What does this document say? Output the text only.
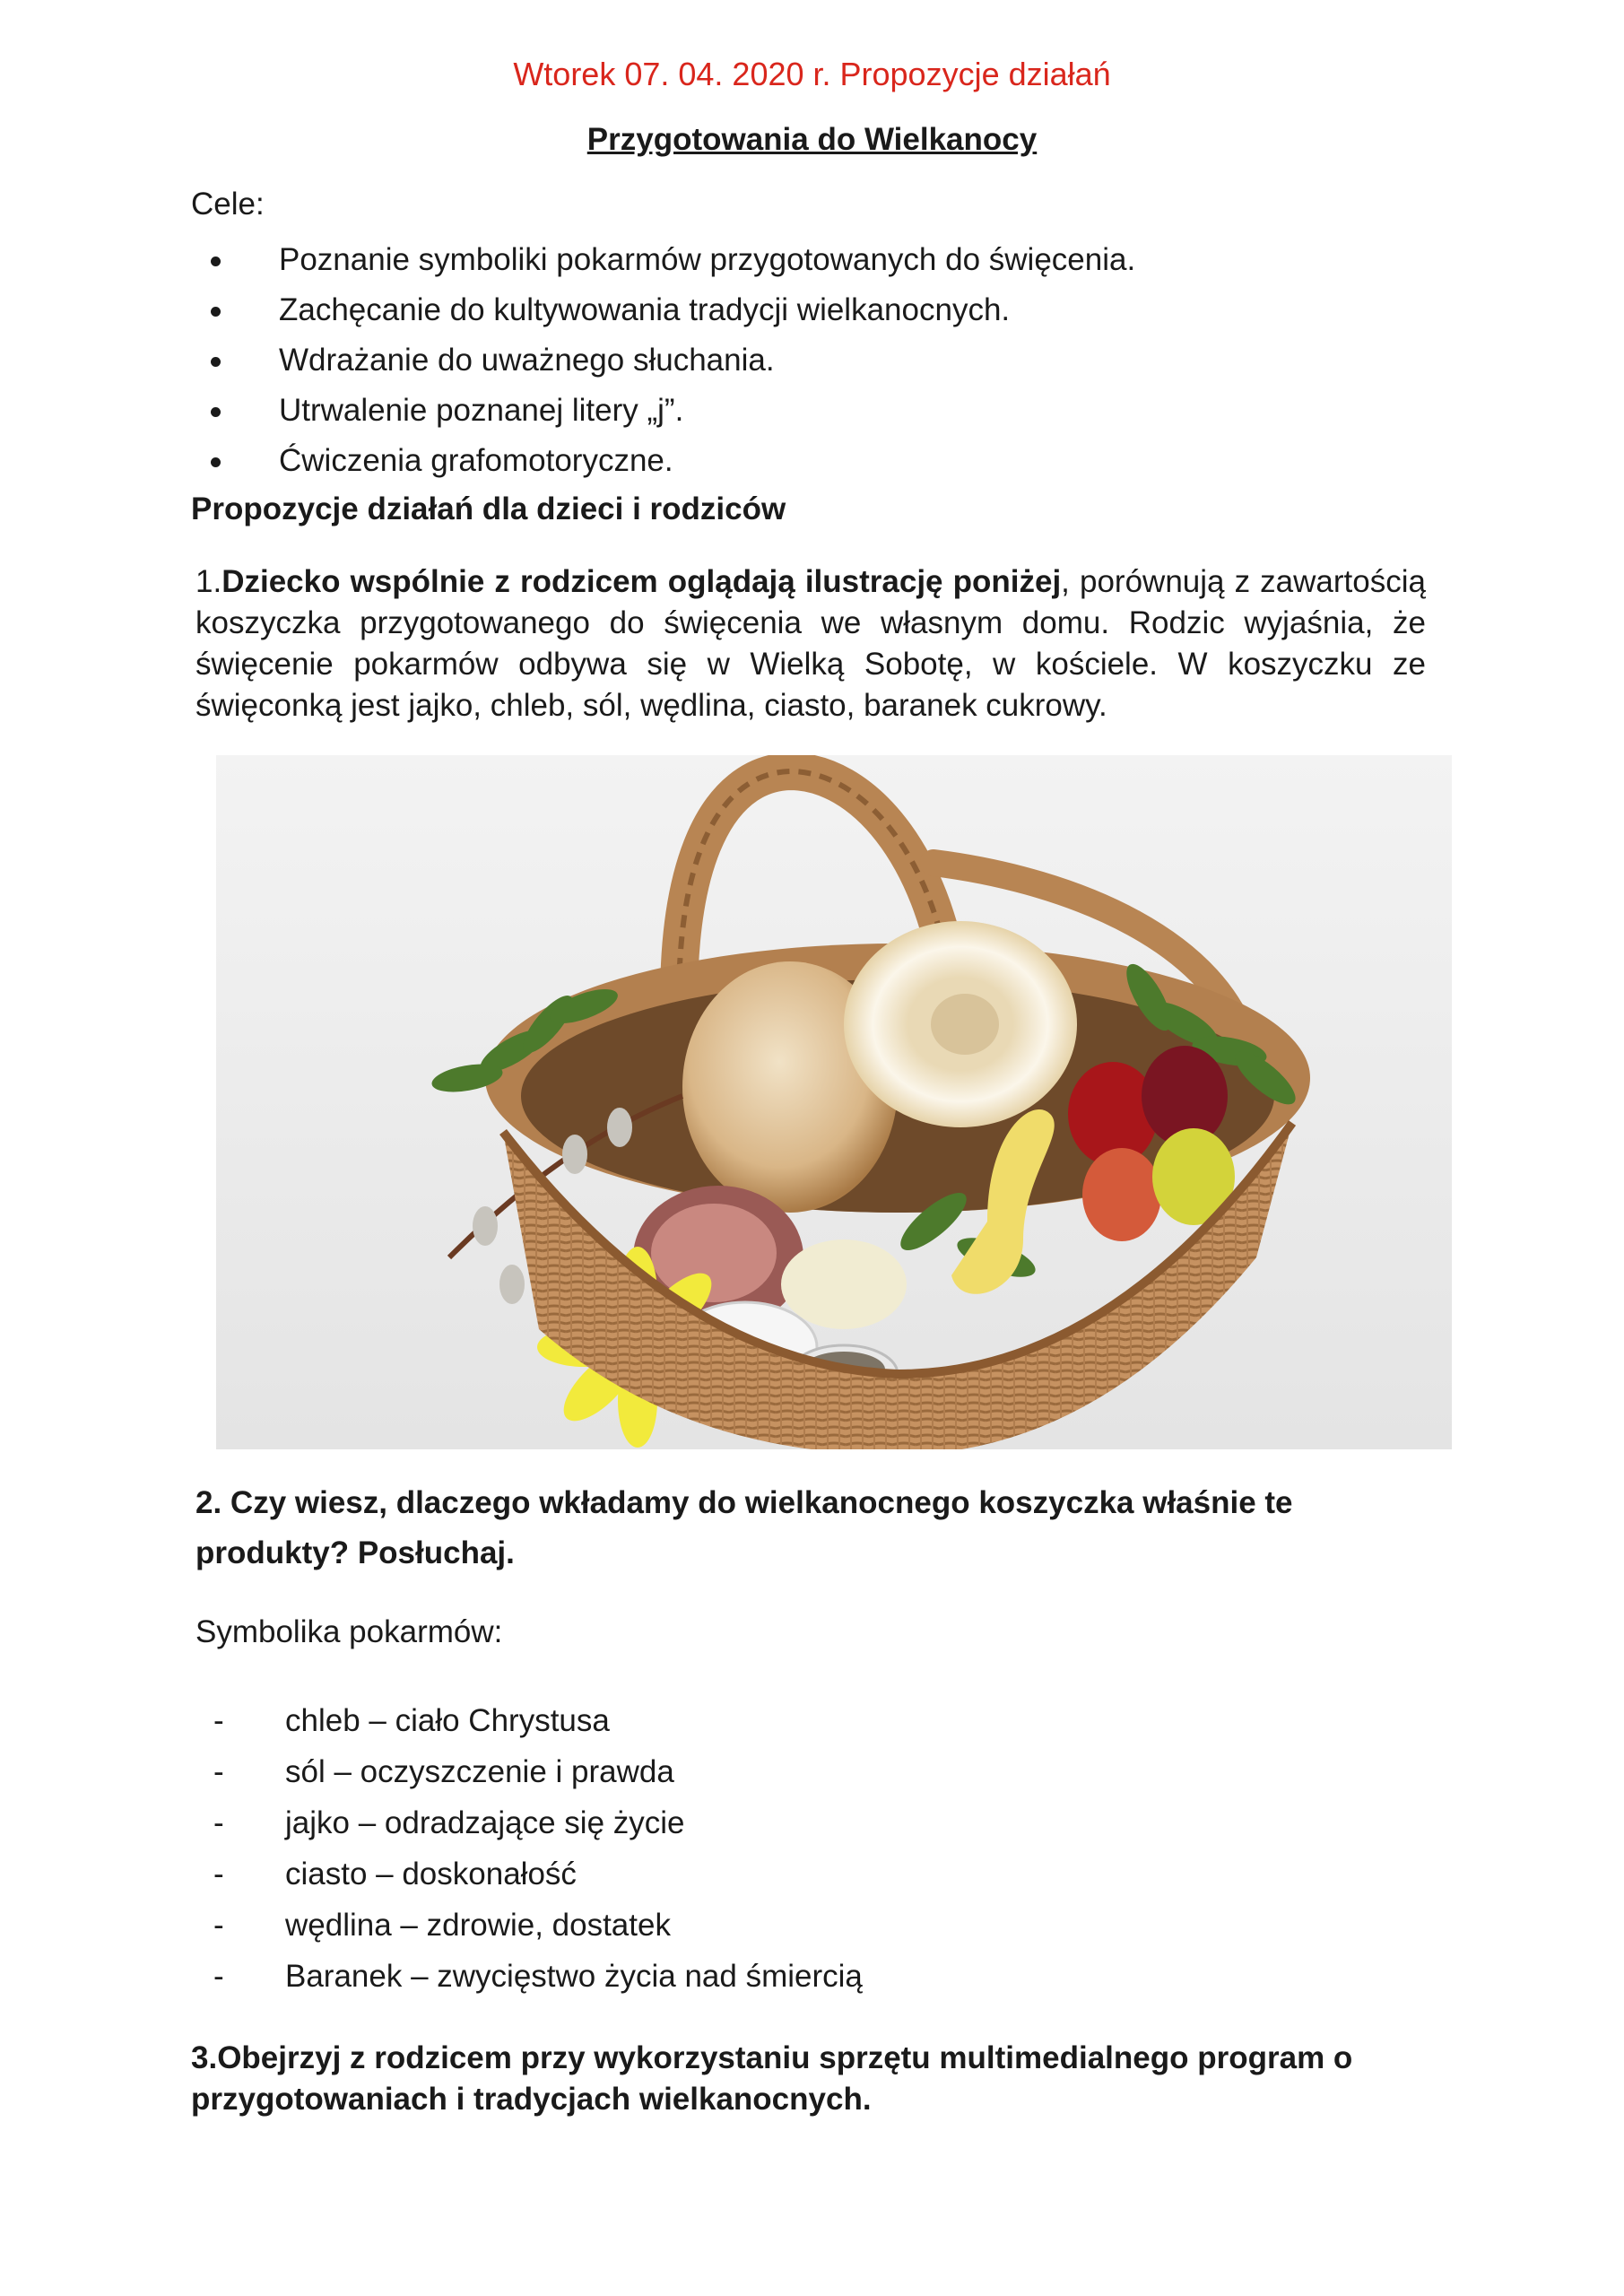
Wtorek 07. 04. 2020 r. Propozycje działań
Przygotowania do Wielkanocy
Cele:
Poznanie symboliki pokarmów przygotowanych do święcenia.
Zachęcanie do kultywowania tradycji wielkanocnych.
Wdrażanie do uważnego słuchania.
Utrwalenie poznanej litery „j”.
Ćwiczenia grafomotoryczne.
Propozycje działań dla dzieci i rodziców
1.Dziecko wspólnie z rodzicem oglądają ilustrację poniżej, porównują z zawartością koszyczka przygotowanego do święcenia we własnym domu. Rodzic wyjaśnia, że święcenie pokarmów odbywa się w Wielką Sobotę, w kościele. W koszyczku ze święconką jest jajko, chleb, sól, wędlina, ciasto, baranek cukrowy.
2. Czy wiesz, dlaczego wkładamy do wielkanocnego koszyczka właśnie te produkty? Posłuchaj.
Symbolika pokarmów:
- chleb – ciało Chrystusa
- sól – oczyszczenie i prawda
- jajko – odradzające się życie
- ciasto – doskonałość
- wędlina – zdrowie, dostatek
- Baranek – zwycięstwo życia nad śmiercią
3.Obejrzyj z rodzicem przy wykorzystaniu sprzętu multimedialnego program o przygotowaniach i tradycjach wielkanocnych.
